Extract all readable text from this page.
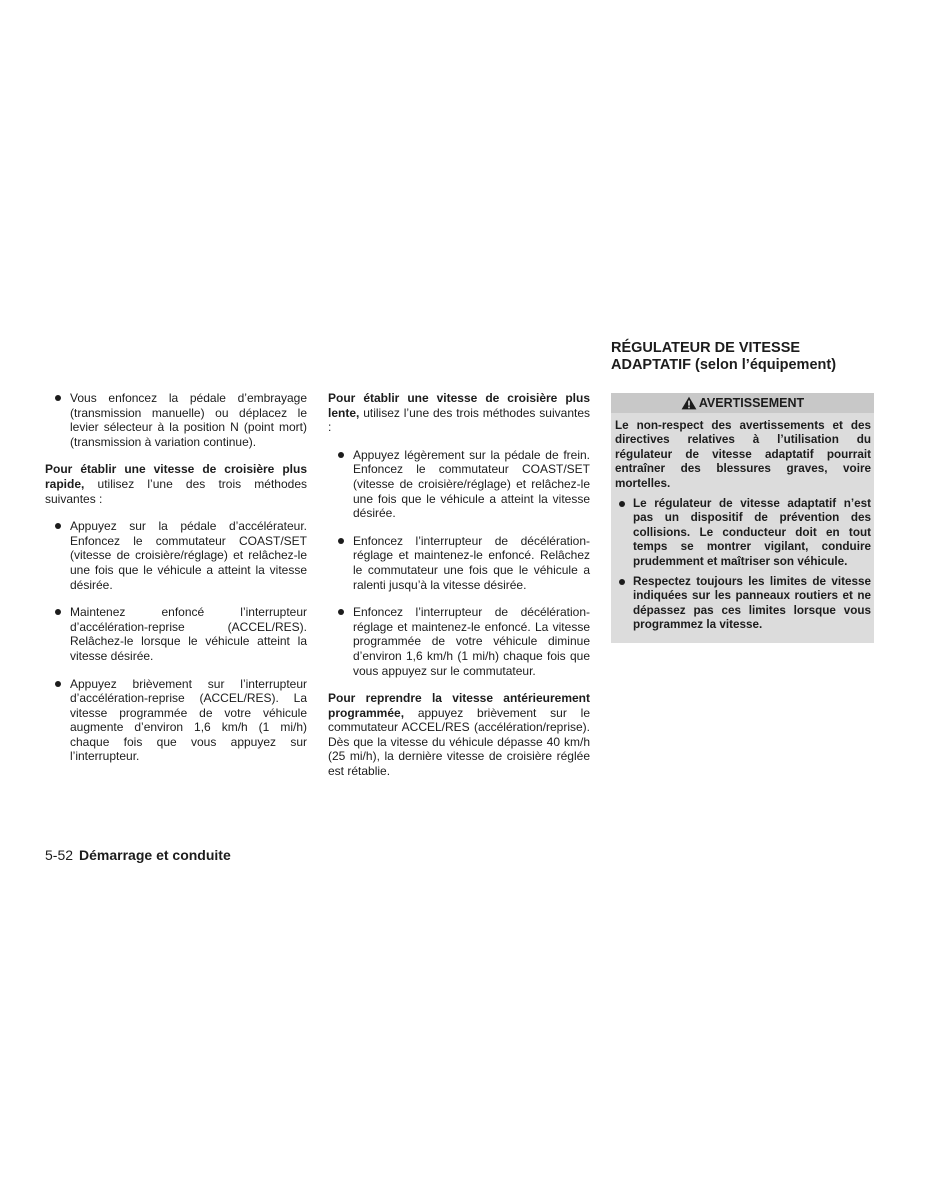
Vous enfoncez la pédale d’embrayage (transmission manuelle) ou déplacez le levier sélecteur à la position N (point mort) (transmission à variation continue).

Pour établir une vitesse de croisière plus rapide, utilisez l’une des trois méthodes suivantes :

Appuyez sur la pédale d’accélérateur. Enfoncez le commutateur COAST/SET (vitesse de croisière/réglage) et relâchez-le une fois que le véhicule a atteint la vitesse désirée.
Maintenez enfoncé l’interrupteur d’accélération-reprise (ACCEL/RES). Relâchez-le lorsque le véhicule atteint la vitesse désirée.
Appuyez brièvement sur l’interrupteur d’accélération-reprise (ACCEL/RES). La vitesse programmée de votre véhicule augmente d’environ 1,6 km/h (1 mi/h) chaque fois que vous appuyez sur l’interrupteur.

Pour établir une vitesse de croisière plus lente, utilisez l’une des trois méthodes suivantes :

Appuyez légèrement sur la pédale de frein. Enfoncez le commutateur COAST/SET (vitesse de croisière/réglage) et relâchez-le une fois que le véhicule a atteint la vitesse désirée.
Enfoncez l’interrupteur de décélération-réglage et maintenez-le enfoncé. Relâchez le commutateur une fois que le véhicule a ralenti jusqu’à la vitesse désirée.
Enfoncez l’interrupteur de décélération-réglage et maintenez-le enfoncé. La vitesse programmée de votre véhicule diminue d’environ 1,6 km/h (1 mi/h) chaque fois que vous appuyez sur le commutateur.

Pour reprendre la vitesse antérieurement programmée, appuyez brièvement sur le commutateur ACCEL/RES (accélération/reprise). Dès que la vitesse du véhicule dépasse 40 km/h (25 mi/h), la dernière vitesse de croisière réglée est rétablie.

RÉGULATEUR DE VITESSE
ADAPTATIF (selon l’équipement)
AVERTISSEMENT

Le non-respect des avertissements et des directives relatives à l’utilisation du régulateur de vitesse adaptatif pourrait entraîner des blessures graves, voire mortelles.

Le régulateur de vitesse adaptatif n’est pas un dispositif de prévention des collisions. Le conducteur doit en tout temps se montrer vigilant, conduire prudemment et maîtriser son véhicule.
Respectez toujours les limites de vitesse indiquées sur les panneaux routiers et ne dépassez pas ces limites lorsque vous programmez la vitesse.
5-52 Démarrage et conduite
